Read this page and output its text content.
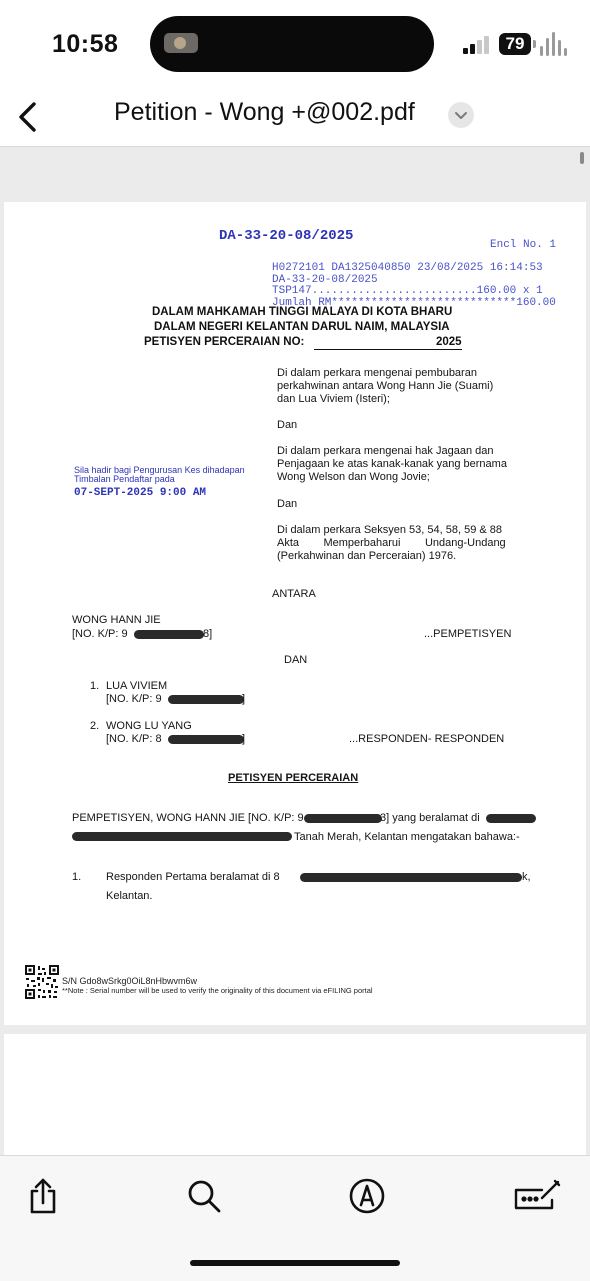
10:58	79
Petition - Wong +@002.pdf
DA-33-20-08/2025
Encl No. 1
H0272101 DA1325040850 23/08/2025 16:14:53
DA-33-20-08/2025
TSP147.........................160.00 x 1
Jumlah RM****************************160.00
DALAM MAHKAMAH TINGGI MALAYA DI KOTA BHARU
DALAM NEGERI KELANTAN DARUL NAIM, MALAYSIA
PETISYEN PERCERAIAN NO:	2025
Di dalam perkara mengenai pembubaran
perkahwinan antara Wong Hann Jie (Suami)
dan Lua Viviem (Isteri);
Dan
Di dalam perkara mengenai hak Jagaan dan
Penjagaan ke atas kanak-kanak yang bernama
Wong Welson dan Wong Jovie;
Dan
Di dalam perkara Seksyen 53, 54, 58, 59 & 88
Akta        Memperbaharui        Undang-Undang
(Perkahwinan dan Perceraian) 1976.
Sila hadir bagi Pengurusan Kes dihadapan
Timbalan Pendaftar pada
07-SEPT-2025 9:00 AM
ANTARA
WONG HANN JIE
[NO. K/P: 9	8]	...PEMPETISYEN
DAN
1. LUA VIVIEM
[NO. K/P: 9	]
2. WONG LU YANG
[NO. K/P: 8	]	...RESPONDEN- RESPONDEN
PETISYEN PERCERAIAN
PEMPETISYEN, WONG HANN JIE [NO. K/P: 9	3] yang beralamat di
Tanah Merah, Kelantan mengatakan bahawa:-
1. Responden Pertama beralamat di 8	k,
Kelantan.
S/N Gdo8wSrkg0OiL8nHbwvm6w
**Note : Serial number will be used to verify the originality of this document via eFILING portal
